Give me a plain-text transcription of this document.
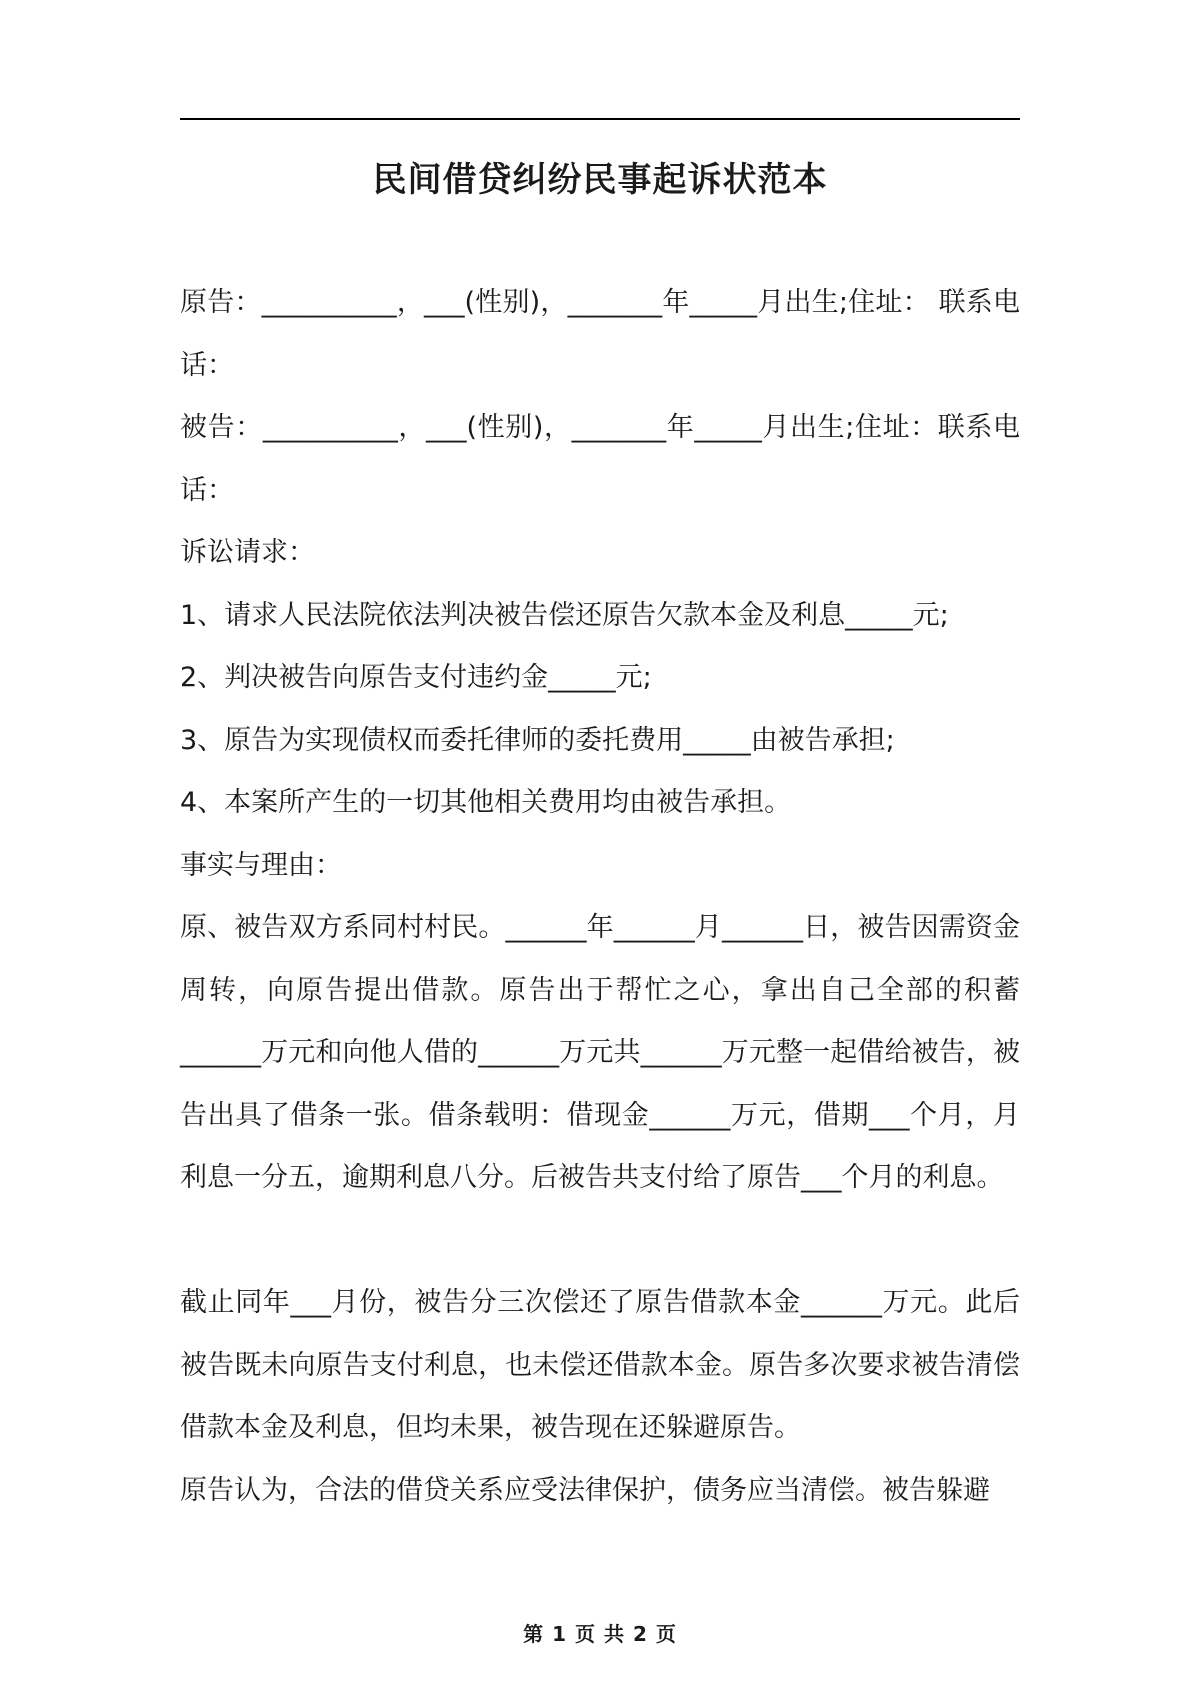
民间借贷纠纷民事起诉状范本

原告：__________，___(性别)，_______年_____月出生;住址： 联系电话：

被告：__________，___(性别)，_______年_____月出生;住址：联系电话：

诉讼请求：

1、请求人民法院依法判决被告偿还原告欠款本金及利息_____元;

2、判决被告向原告支付违约金_____元;

3、原告为实现债权而委托律师的委托费用_____由被告承担;

4、本案所产生的一切其他相关费用均由被告承担。

事实与理由：

原、被告双方系同村村民。______年______月______日，被告因需资金周转，向原告提出借款。原告出于帮忙之心，拿出自己全部的积蓄______万元和向他人借的______万元共______万元整一起借给被告，被告出具了借条一张。借条载明：借现金______万元，借期___个月，月利息一分五，逾期利息八分。后被告共支付给了原告___个月的利息。

截止同年___月份，被告分三次偿还了原告借款本金______万元。此后被告既未向原告支付利息，也未偿还借款本金。原告多次要求被告清偿借款本金及利息，但均未果，被告现在还躲避原告。

原告认为，合法的借贷关系应受法律保护，债务应当清偿。被告躲避

第 1 页 共 2 页
